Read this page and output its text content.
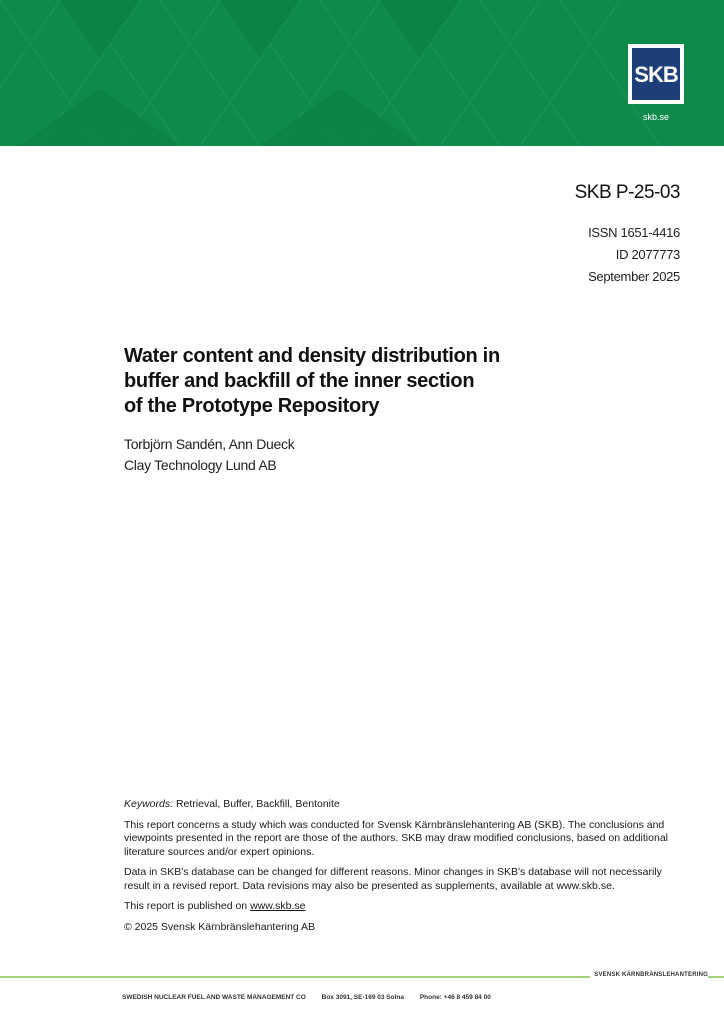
SKB
skb.se
SKB P-25-03
ISSN 1651-4416
ID 2077773
September 2025
Water content and density distribution in
buffer and backfill of the inner section
of the Prototype Repository
Torbjörn Sandén, Ann Dueck
Clay Technology Lund AB

Keywords: Retrieval, Buffer, Backfill, Bentonite

This report concerns a study which was conducted for Svensk Kärnbränslehantering AB (SKB). The conclusions and viewpoints presented in the report are those of the authors. SKB may draw modified conclusions, based on additional literature sources and/or expert opinions.

Data in SKB's database can be changed for different reasons. Minor changes in SKB's database will not necessarily result in a revised report. Data revisions may also be presented as supplements, available at www.skb.se.

This report is published on www.skb.se

© 2025 Svensk Kärnbränslehantering AB

SVENSK KÄRNBRÄNSLEHANTERING
SWEDISH NUCLEAR FUEL AND WASTE MANAGEMENT CO Box 3091, SE-169 03 Solna Phone: +46 8 459 84 00
